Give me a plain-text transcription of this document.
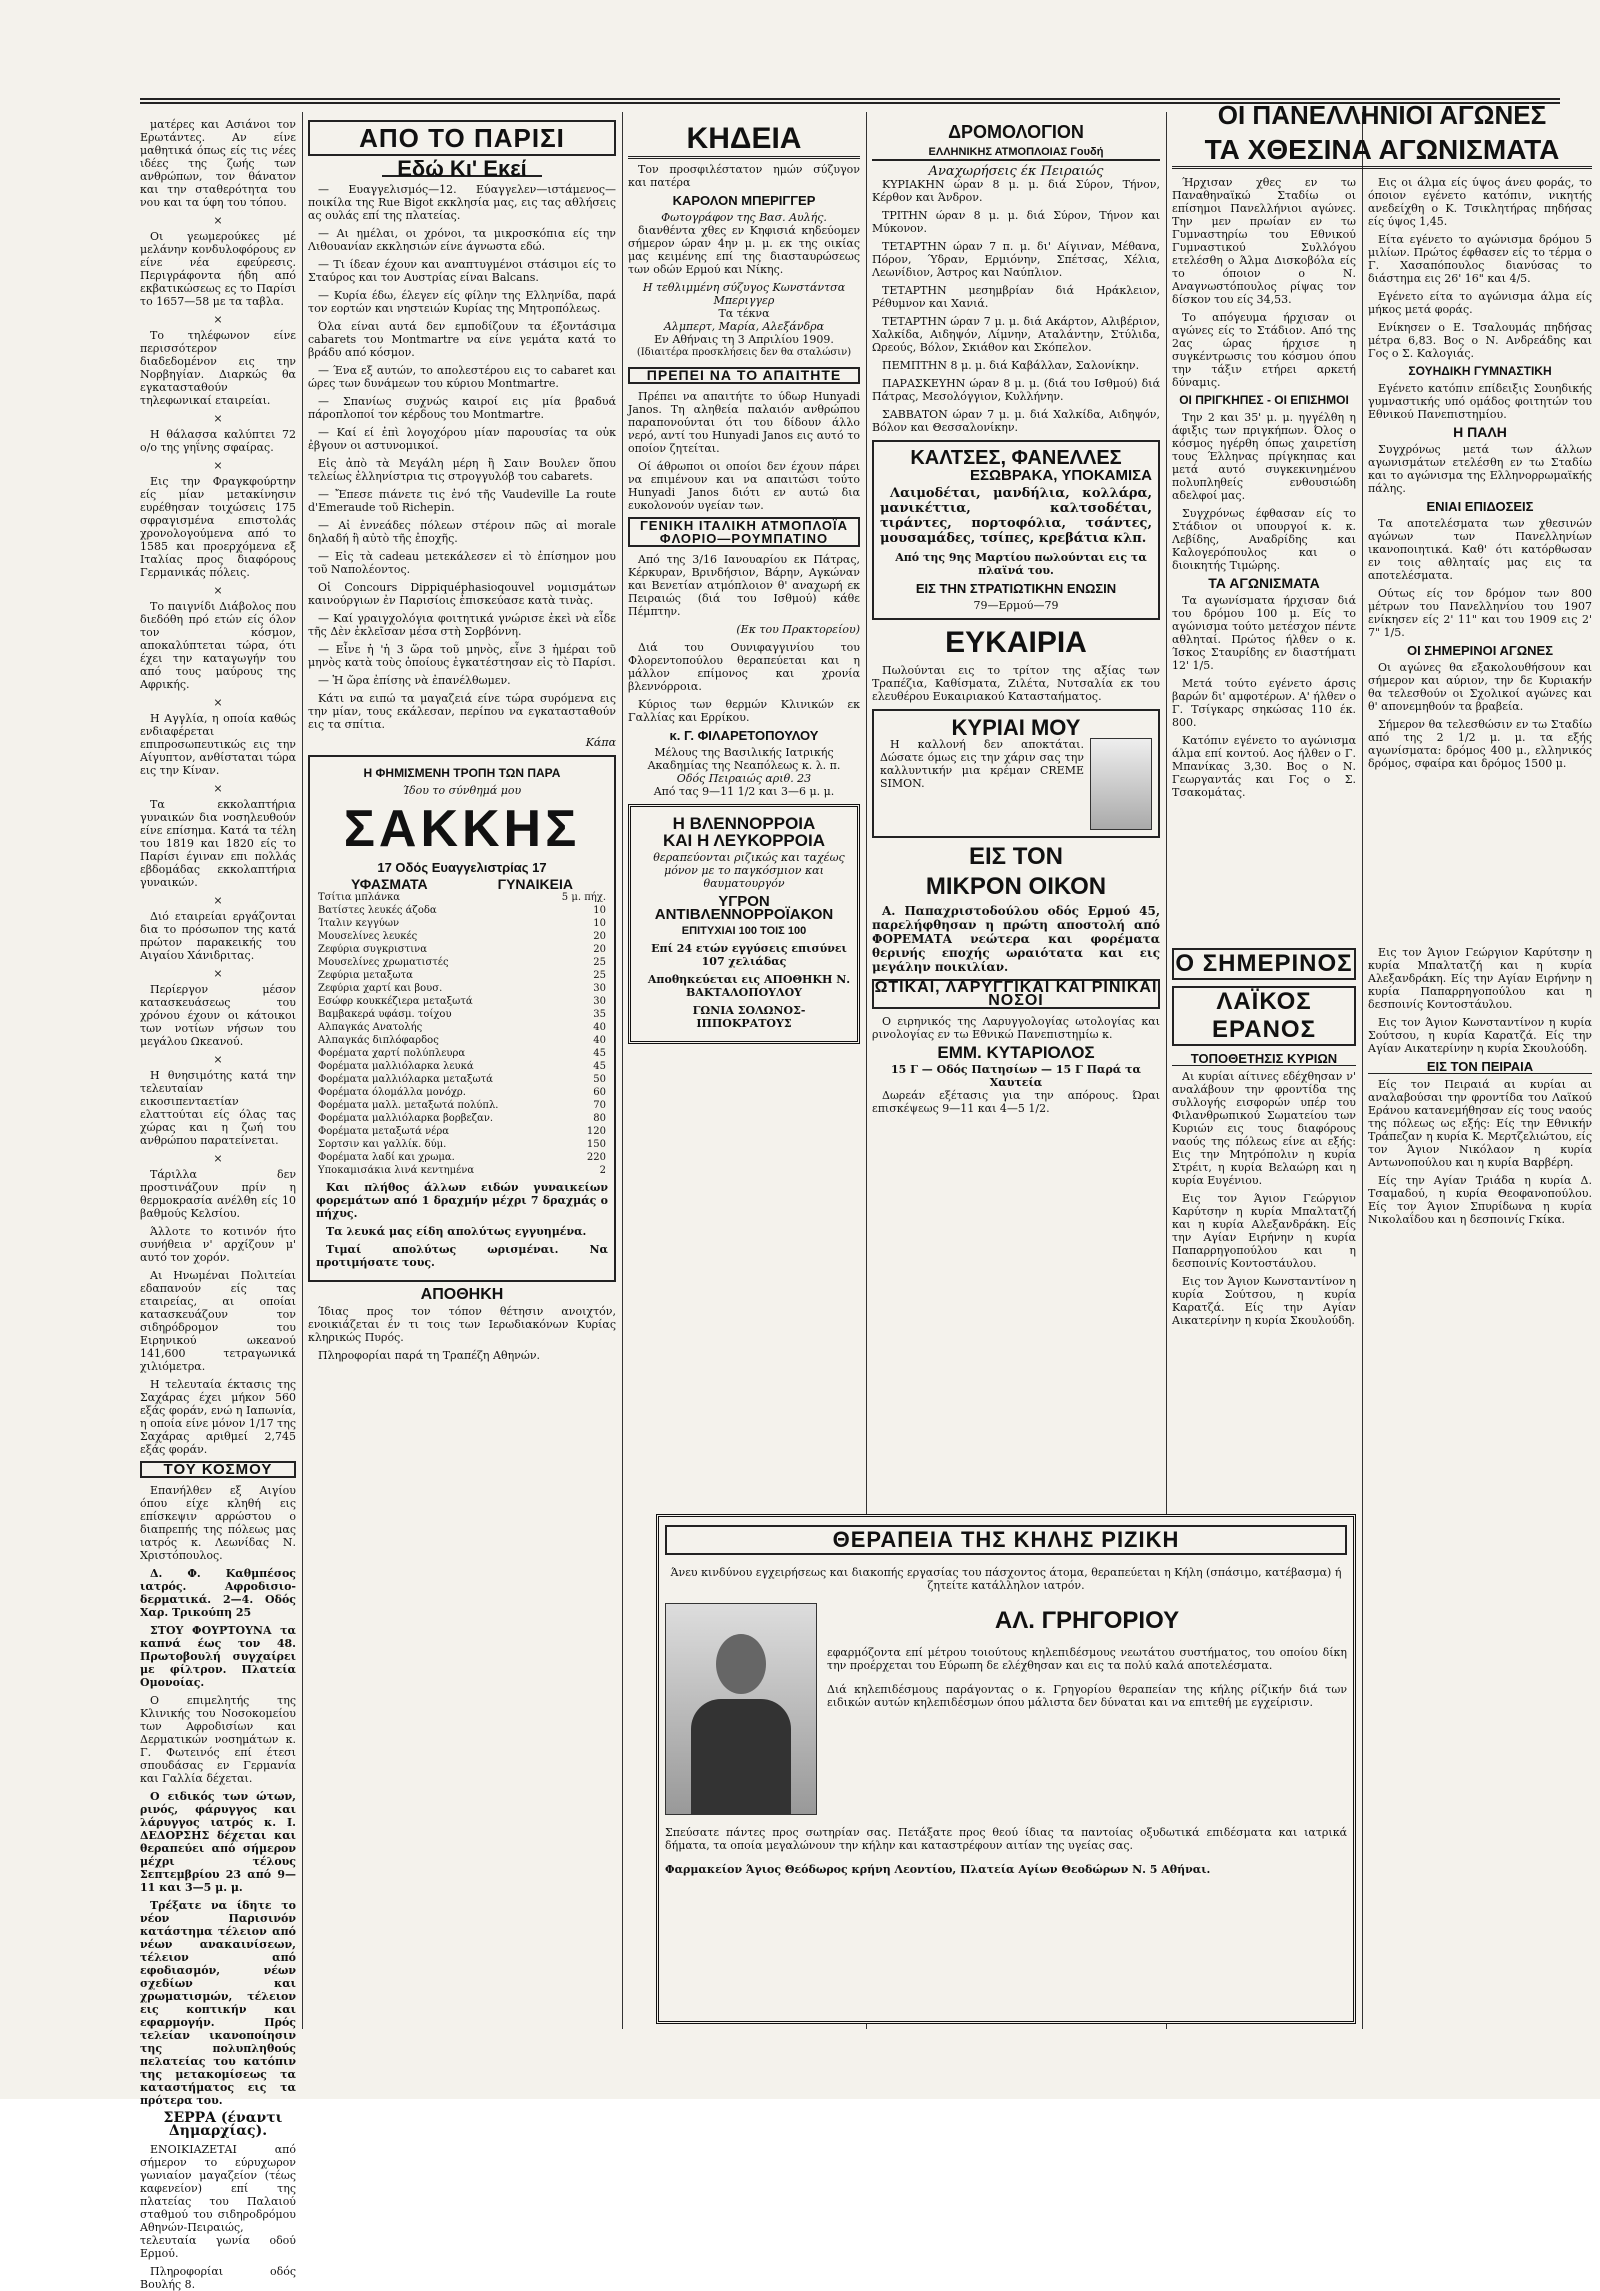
ματέρες και Ασιάνοι τον Ερωτάντες. Αν είνε μαθητικά όπως είς τις νέες ιδέες της ζωής των ανθρώπων, τον θάνατον και την σταθερότητα του νου και τα ύφη του τόπου.

×

Οι γεωμερούκες μέ μελάνην κονδυλοφόρους εν είνε νέα εφεύρεσις. Περιγράφοντα ήδη από εκβατικώσεως ες το Παρίσι το 1657—58 με τα ταβλα.

×

Το τηλέφωνον είνε περισσότερον διαδεδομένον εις την Νορβηγίαν. Διαρκώς θα εγκατασταθούν τηλεφωνικαί εταιρείαι.

×

Η θάλασσα καλύπτει 72 ο/ο της γηΐνης σφαίρας.

×

Εις την Φραγκφούρτην είς μίαν μετακίνησιν ευρέθησαν τοιχώσεις 175 σφραγισμένα επιστολάς χρονολογούμενα από το 1585 και προερχόμενα εξ Ιταλίας προς διαφόρους Γερμανικάς πόλεις.

×

Το παιγνίδι Διάβολος που διεδόθη πρό ετών είς όλον τον κόσμον, αποκαλύπτεται τώρα, ότι έχει την καταγωγήν του από τους μαύρους της Αφρικής.

×

Η Αγγλία, η οποία καθώς ενδιαφέρεται επιπροσωπευτικώς εις την Αίγυπτον, ανθίσταται τώρα εις την Κίναν.

×

Τα εκκολαπτήρια γυναικών δια νοσηλευθούν είνε επίσημα. Κατά τα τέλη του 1819 και 1820 είς το Παρίσι έγιναν επι πολλάς εβδομάδας εκκολαπτήρια γυναικών.

×

Διό εταιρείαι εργάζονται δια το πρόσωπον της κατά πρώτον παρακεικής του Αιγαίου Χάνιδριτας.

×

Περίεργον μέσον κατασκευάσεως του χρόνου έχουν οι κάτοικοι των νοτίων νήσων του μεγάλου Ωκεανού.

×

Η θνησιμότης κατά την τελευταίαν εικοσιπενταετίαν ελαττούται είς όλας τας χώρας και η ζωή του ανθρώπου παρατείνεται.

×

Τάριλλα δεν προστινάζουν πρίν η θερμοκρασία ανέλθη είς 10 βαθμούς Κελσίου.

Άλλοτε το κοτινόν ήτο συνήθεια ν' αρχίζουν μ' αυτό τον χορόν.

Αι Ηνωμέναι Πολιτείαι εδαπανούν είς τας εταιρείας, αι οποίαι κατασκευάζουν τον σιδηρόδρομον του Ειρηνικού ωκεανού 141,600 τετραγωνικά χιλιόμετρα.

Η τελευταία έκτασις της Σαχάρας έχει μήκον 560 εξάς φοράν, ενώ η Ιαπωνία, η οποία είνε μόνον 1/17 της Σαχάρας αριθμεί 2,745 εξάς φοράν.

ΤΟΥ ΚΟΣΜΟΥ

Επανήλθεν εξ Αιγίου όπου είχε κληθή εις επίσκεψιν αρρώστου ο διαπρεπής της πόλεως μας ιατρός κ. Λεωνίδας Ν. Χριστόπουλος.

Δ. Φ. Καθμπέσος ιατρός. Αφροδισιο-δερματικά. 2—4. Οδός Χαρ. Τρικούπη 25

ΣΤΟΥ ΦΟΥΡΤΟΥΝΑ τα καπνά έως τον 48. Πρωτοβουλή συγχαίρει με φίλτρον. Πλατεία Ομονοίας.

Ο επιμελητής της Κλινικής του Νοσοκομείου των Αφροδισίων και Δερματικών νοσημάτων κ. Γ. Φωτεινός επί έτεσι σπουδάσας εν Γερμανία και Γαλλία δέχεται.

Ο ειδικός των ώτων, ρινός, φάρυγγος και λάρυγγος ιατρός κ. Ι. ΔΕΔΟΡΣΗΣ δέχεται και θεραπεύει από σήμερον μέχρι τέλους Σεπτεμβρίου 23 από 9—11 και 3—5 μ. μ.

Τρέξατε να ίδητε το νέον Παρισινόν κατάστημα τέλειον από νέων ανακαινίσεων, τέλειον από εφοδιασμόν, νέων σχεδίων και χρωματισμών, τέλειον εις κοπτικήν και εφαρμογήν. Πρός τελείαν ικανοποίησιν της πολυπληθούς πελατείας του κατόπιν της μετακομίσεως τα καταστήματος εις τα πρότερα του.

ΣΕΡΡΑ (έναντι Δημαρχίας).

ΕΝΟΙΚΙΑΖΕΤΑΙ από σήμερον το εύρυχωρον γωνιαίον μαγαζείον (τέως καφενείον) επί της πλατείας του Παλαιού σταθμού του σιδηροδρόμου Αθηνών-Πειραιώς, τελευταία γωνία οδού Ερμού.

Πληροφορίαι οδός Βουλής 8.

ΑΠΟ ΤΟ ΠΑΡΙΣΙ
Εδώ Κι' Εκεί

— Ευαγγελισμός—12. Εύαγγελεν—ιστάμενος—ποικίλα της Rue Bigot εκκλησία μας, εις τας αθλήσεις ας ουλάς επί της πλατείας.

— Αι ημέλαι, οι χρόνοι, τα μικροσκόπια είς την Λιθουανίαν εκκλησιών είνε άγνωστα εδώ.

— Τι ίδεαν έχουν και αναπτυγμένοι στάσιμοι είς το Σταύρος και τον Αυστρίας είναι Balcans.

— Κυρία έδω, έλεγεν είς φίλην της Ελληνίδα, παρά τον εορτών και νηστειών Κυρίας της Μητροπόλεως.

Όλα είναι αυτά δεν εμποδίζουν τα έξοντάσιμα cabarets του Montmartre να είνε γεμάτα κατά το βράδυ από κόσμον.

— Ένα εξ αυτών, το απολεστέρου εις το cabaret και ώρες των δυνάμεων του κύριου Montmartre.

— Σπανίως συχνώς καιροί εις μία βραδυά πάροπλοποί τον κέρδους του Montmartre.

— Καί εί ἐπὶ λογοχόρου μίαν παρουσίας τα οὐκ ἐβγουν οι αστυνομικοί.

Εἰς ἀπὸ τὰ Μεγάλη μέρη ἢ Σαιν Βουλεν ὅπου τελείως ἐλληνίστρια τις στρογγυλόβ του cabarets.

— Ἔπεσε πιάνετε τις ἐνό τῆς Vaudeville La route d'Emeraude τοῦ Richepin.

— Αἰ ἐννεάδες πόλεων στέροιν πῶς αἱ morale δηλαδή ἢ αὐτὸ τῆς ἐποχῆς.

— Εἰς τὰ cadeau μετεκάλεσεν εἰ τὸ ἐπίσημον μου τοῦ Ναπολέοντος.

Οἱ Concours Dippiquéphasioqouvel νομισμάτων καινούργιων ἐν Παρισίοις ἐπισκεύασε κατὰ τινὰς.

— Καί γραιγχολόγια φοιτητικά γνώρισε ἐκεὶ νὰ εἶδε τῆς Δὲν ἐκλεῖσαν μέσα στὴ Σορβόννη.

— Εἶνε ἡ 'ἡ 3 ὥρα τοῦ μηνὸς, εἶνε 3 ἡμέραι τοῦ μηνὸς κατὰ τοὺς ὁποίους ἐγκατέστησαν εἰς τὸ Παρίσι.

— Ἡ ὥρα ἐπίσης νὰ ἐπανέλθωμεν.

Κάτι να ειπώ τα μαγαζειά είνε τώρα συρόμενα εις την μίαν, τους εκάλεσαν, περίπου να εγκατασταθούν εις τα σπίτια.

Κάπα

Η ΦΗΜΙΣΜΕΝΗ ΤΡΟΠΗ ΤΩΝ ΠΑΡΑ
Ίδου το σύνθημά μου
ΣΑΚΚΗΣ
17 Οδός Ευαγγελιστρίας 17
ΥΦΑΣΜΑΤΑ	ΓΥΝΑΙΚΕΙΑ
Τσίτια μπλάνκα	5 μ. πήχ.
Βατίστες λευκές άζοδα	10
Ίταλιν κεγγύων	10
Μουσελίνες λευκές	20
Ζεφύρια συγκριστινα	20
Μουσελίνες χρωματιστές	25
Ζεφύρια μεταξωτα	25
Ζεφύρια χαρτί και βουσ.	30
Εσώφρ κουκκέζιερα μεταξωτά	30
Βαμβακερά υφάσμ. τοίχου	35
Αλπαγκάς Ανατολής	40
Αλπαγκάς διπλόφαρδος	40
Φορέματα χαρτί πολύπλευρα	45
Φορέματα μαλλιόλαρκα λευκά	45
Φορέματα μαλλιόλαρκα μεταξωτά	50
Φορέματα όλομάλλα μονόχρ.	60
Φορέματα μαλλ. μεταξωτά πολύπλ.	70
Φορέματα μαλλιόλαρκα βορβεζαν.	80
Φορέματα μεταξωτά νέρα	120
Σορτσιν και γαλλίκ. δύμ.	150
Φορέματα λαδί και χρωμα.	220
Υποκαμισάκια λινά κεντημένα	2

Και πλήθος άλλων ειδών γυναικείων φορεμάτων από 1 δραχμήν μέχρι 7 δραχμάς ο πήχυς.

Τα λευκά μας είδη απολύτως εγγυημένα.

Τιμαί απολύτως ωρισμέναι. Να προτιμήσατε τους.

ΑΠΟΘΗΚΗ

Ίδιας προς τον τόπον θέτησιν ανοιχτόν, ενοικιάζεται έν τι τοις των Ιερωδιακόνων Κυρίας κληρικώς Πυρός.

Πληροφορίαι παρά τη Τραπέζη Αθηνών.

ΚΗΔΕΙΑ

Τον προσφιλέστατον ημών σύζυγον και πατέρα

ΚΑΡΟΛΟΝ ΜΠΕΡΙΓΓΕΡ
Φωτογράφον της Βασ. Αυλής.

διανθέντα χθες εν Κηφισιά κηδεύομεν σήμερον ώραν 4ην μ. μ. εκ της οικίας μας κειμένης επί της διασταυρώσεως των οδών Ερμού και Νίκης.

Η τεθλιμμένη σύζυγος Κωνστάντσα Μπεριγγερ
Τα τέκνα
Αλμπερτ, Μαρία, Αλεξάνδρα
Εν Αθήναις τη 3 Απριλίου 1909.
(Ιδιαιτέρα προσκλήσεις δεν θα σταλώσιν)
ΠΡΕΠΕΙ ΝΑ ΤΟ ΑΠΑΙΤΗΤΕ

Πρέπει να απαιτήτε το ύδωρ Hunyadi Janos. Τη αληθεία παλαιόν ανθρώπου παραπονούνται ότι του δίδουν άλλο νερό, αντί του Hunyadi Janos εις αυτό το οποίον ζητείται.

Οί άθρωποι οι οποίοι δεν έχουν πάρει να επιμένουν και να απαιτώσι τούτο Hunyadi Janos διότι εν αυτώ δια ευκολονούν υγείαν των.

ΓΕΝΙΚΗ ΙΤΑΛΙΚΗ ΑΤΜΟΠΛΟΪΑ ΦΛΟΡΙΟ—ΡΟΥΜΠΑΤΙΝΟ

Από της 3/16 Ιανουαρίου εκ Πάτρας, Κέρκυραν, Βρινδήσιον, Βάρην, Αγκώναν και Βενετίαν ατμόπλοιον θ' αναχωρή εκ Πειραιώς (διά του Ισθμού) κάθε Πέμπτην.

(Εκ του Πρακτορείου)

Διά του Ουνιφαγγινίου του Φλορεντοπούλου θεραπεύεται και η μάλλον επίμονος και χρονία βλεννόρροια.

Κύριος των θερμών Κλινικών εκ Γαλλίας και Ερρίκου.

κ. Γ. ΦΙΛΑΡΕΤΟΠΟΥΛΟΥ
Μέλους της Βασιλικής Ιατρικής Ακαδημίας της Νεαπόλεως κ. λ. π.
Οδός Πειραιώς αριθ. 23
Από τας 9—11 1/2 και 3—6 μ. μ.
Η ΒΛΕΝΝΟΡΡΟΙΑ
ΚΑΙ Η ΛΕΥΚΟΡΡΟΙΑ

θεραπεύονται ριζικώς και ταχέως μόνον με το παγκόσμιον και θαυματουργόν

ΥΓΡΟΝ ΑΝΤΙΒΛΕΝΝΟΡΡΟΪΑΚΟΝ
ΕΠΙΤΥΧΙΑΙ 100 ΤΟΙΣ 100

Επί 24 ετών εγγύσεις επισύνει 107 χελιάδας

Αποθηκεύεται εις ΑΠΟΘΗΚΗ Ν. ΒΑΚΤΑΛΟΠΟΥΛΟΥ

ΓΩΝΙΑ ΣΟΛΩΝΟΣ-ΙΠΠΟΚΡΑΤΟΥΣ

ΔΡΟΜΟΛΟΓΙΟΝ
ΕΛΛΗΝΙΚΗΣ ΑΤΜΟΠΛΟΙΑΣ Γουδή
Αναχωρήσεις έκ Πειραιώς

ΚΥΡΙΑΚΗΝ ώραν 8 μ. μ. διά Σύρον, Τήνον, Κέρθον και Άνδρον.

ΤΡΙΤΗΝ ώραν 8 μ. μ. διά Σύρον, Τήνον και Μύκονον.

ΤΕΤΑΡΤΗΝ ώραν 7 π. μ. δι' Αίγιναν, Μέθανα, Πόρον, Ύδραν, Ερμιόνην, Σπέτσας, Χέλια, Λεωνίδιον, Άστρος και Ναύπλιον.

ΤΕΤΑΡΤΗΝ μεσημβρίαν διά Ηράκλειον, Ρέθυμνον και Χανιά.

ΤΕΤΑΡΤΗΝ ώραν 7 μ. μ. διά Ακάρτον, Αλιβέριον, Χαλκίδα, Αιδηψόν, Λίμνην, Αταλάντην, Στύλιδα, Ωρεούς, Βόλον, Σκιάθον και Σκόπελον.

ΠΕΜΠΤΗΝ 8 μ. μ. διά Καβάλλαν, Σαλονίκην.

ΠΑΡΑΣΚΕΥΗΝ ώραν 8 μ. μ. (διά του Ισθμού) διά Πάτρας, Μεσολόγγιον, Κυλλήνην.

ΣΑΒΒΑΤΟΝ ώραν 7 μ. μ. διά Χαλκίδα, Αιδηψόν, Βόλον και Θεσσαλονίκην.

ΚΑΛΤΣΕΣ, ΦΑΝΕΛΛΕΣ
ΕΣΩΒΡΑΚΑ, ΥΠΟΚΑΜΙΣΑ

Λαιμοδέται, μανδήλια, κολλάρα, μανικέττια, καλτσοδέται, τιράντες, πορτοφόλια, τσάντες, μουσαμάδες, τσίπες, κρεβάτια κλπ.

Από της 9ης Μαρτίου πωλούνται εις τα πλαϊνά του.

ΕΙΣ ΤΗΝ ΣΤΡΑΤΙΩΤΙΚΗΝ ΕΝΩΣΙΝ
79—Ερμού—79
ΕΥΚΑΙΡΙΑ

Πωλούνται εις το τρίτον της αξίας των Τραπέζια, Καθίσματα, Ζιλέτα, Νυτσαλία εκ του ελευθέρου Ευκαιριακού Κατασταήματος.

ΚΥΡΙΑΙ ΜΟΥ

Η καλλονή δεν αποκτάται. Δώσατε όμως εις την χάριν σας την καλλυντικήν μια κρέμαν CREME SIMON.

ΕΙΣ ΤΟΝ
ΜΙΚΡΟΝ ΟΙΚΟΝ

Α. Παπαχριστοδούλου οδός Ερμού 45, παρελήφθησαν η πρώτη αποστολή από ΦΟΡΕΜΑΤΑ νεώτερα και φορέματα θερινής εποχής ωραιότατα και εις μεγάλην ποικιλίαν.

ΩΤΙΚΑΙ, ΛΑΡΥΓΓΙΚΑΙ ΚΑΙ ΡΙΝΙΚΑΙ ΝΟΣΟΙ

Ο ειρηνικός της Λαρυγγολογίας ωτολογίας και ρινολογίας εν τω Εθνικώ Πανεπιστημίω κ.

ΕΜΜ. ΚΥΤΑΡΙΟΛΟΣ
15 Γ — Οδός Πατησίων — 15 Γ Παρά τα Χαυτεία

Δωρεάν εξέτασις για την απόρους. Ώραι επισκέψεως 9—11 και 4—5 1/2.

ΟΙ ΠΑΝΕΛΛΗΝΙΟΙ ΑΓΩΝΕΣ
ΤΑ ΧΘΕΣΙΝΑ ΑΓΩΝΙΣΜΑΤΑ

Ήρχισαν χθες εν τω Παναθηναϊκώ Σταδίω οι επίσημοι Πανελλήνιοι αγώνες. Την μεν πρωίαν εν τω Γυμναστηρίω του Εθνικού Γυμναστικού Συλλόγου ετελέσθη ο Άλμα Δισκοβόλα είς το όποιον ο Ν. Αναγνωστόπουλος ρίψας τον δίσκον του είς 34,53.

Το απόγευμα ήρχισαν οι αγώνες είς το Στάδιον. Από της 2ας ώρας ήρχισε η συγκέντρωσις του κόσμου όπου την τάξιν ετήρει αρκετή δύναμις.

ΟΙ ΠΡΙΓΚΗΠΕΣ - ΟΙ ΕΠΙΣΗΜΟΙ

Την 2 και 35' μ. μ. ηγγέλθη η άφιξις των πριγκήπων. Όλος ο κόσμος ηγέρθη όπως χαιρετίση τους Έλληνας πρίγκηπας και μετά αυτό συγκεκινημένου πολυπληθείς ενθουσιώδη αδελφοί μας.

Συγχρόνως έφθασαν είς το Στάδιον οι υπουργοί κ. κ. Λεβίδης, Αναδρίδης και Καλογερόπουλος και ο διοικητής Τιμώρης.

ΤΑ ΑΓΩΝΙΣΜΑΤΑ

Τα αγωνίσματα ήρχισαν διά του δρόμου 100 μ. Είς το αγώνισμα τούτο μετέσχον πέντε αθληταί. Πρώτος ήλθεν ο κ. Ίσκος Σταυρίδης εν διαστήματι 12' 1/5.

Μετά τούτο εγένετο άρσις βαρών δι' αμφοτέρων. Α' ήλθεν ο Γ. Τσίγκαρς σηκώσας 110 έκ. 800.

Κατόπιν εγένετο το αγώνισμα άλμα επί κοντού. Αος ήλθεν ο Γ. Μπανίκας 3,30. Βος ο Ν. Γεωργαντάς και Γος ο Σ. Τσακομάτας.

Εις οι άλμα είς ύψος άνευ φοράς, το όποιον εγένετο κατόπιν, νικητής ανεδείχθη ο Κ. Τσικλητήρας πηδήσας είς ύψος 1,45.

Είτα εγένετο το αγώνισμα δρόμου 5 μιλίων. Πρώτος έφθασεν είς το τέρμα ο Γ. Χασαπόπουλος διανύσας το διάστημα εις 26' 16" και 4/5.

Εγένετο είτα το αγώνισμα άλμα είς μήκος μετά φοράς.

Ενίκησεν ο Ε. Τσαλουμάς πηδήσας μέτρα 6,83. Βος ο Ν. Ανδρεάδης και Γος ο Σ. Καλογιάς.

ΣΟΥΗΔΙΚΗ ΓΥΜΝΑΣΤΙΚΗ

Εγένετο κατόπιν επίδειξις Σουηδικής γυμναστικής υπό ομάδος φοιτητών του Εθνικού Πανεπιστημίου.

Η ΠΑΛΗ

Συγχρόνως μετά των άλλων αγωνισμάτων ετελέσθη εν τω Σταδίω και το αγώνισμα της Ελληνορρωμαϊκής πάλης.

ΕΝΙΑΙ ΕΠΙΔΟΣΕΙΣ

Τα αποτελέσματα των χθεσινών αγώνων των Πανελληνίων ικανοποιητικά. Καθ' ότι κατόρθωσαν εν τοις αθληταίς μας εις τα αποτελέσματα.

Ούτως είς τον δρόμον των 800 μέτρων του Πανελληνίου του 1907 ενίκησεν είς 2' 11" και του 1909 εις 2' 7" 1/5.

ΟΙ ΣΗΜΕΡΙΝΟΙ ΑΓΩΝΕΣ

Οι αγώνες θα εξακολουθήσουν και σήμερον και αύριον, την δε Κυριακήν θα τελεσθούν οι Σχολικοί αγώνες και θ' απονεμηθούν τα βραβεία.

Σήμερον θα τελεσθώσιν εν τω Σταδίω από της 2 1/2 μ. μ. τα εξής αγωνίσματα: δρόμος 400 μ., ελληνικός δρόμος, σφαίρα και δρόμος 1500 μ.

Ο ΣΗΜΕΡΙΝΟΣ
ΛΑΪΚΟΣ ΕΡΑΝΟΣ
ΤΟΠΟΘΕΤΗΣΙΣ ΚΥΡΙΩΝ

Αι κυρίαι αίτινες εδέχθησαν ν' αναλάβουν την φροντίδα της συλλογής εισφορών υπέρ του Φιλανθρωπικού Σωματείου των Κυριών εις τους διαφόρους ναούς της πόλεως είνε αι εξής: Εις την Μητρόπολιν η κυρία Στρέιτ, η κυρία Βελαώρη και η κυρία Ευγένιου.

Εις τον Άγιον Γεώργιον Καρύτσην η κυρία Μπαλτατζή και η κυρία Αλεξανδράκη. Είς την Αγίαν Ειρήνην η κυρία Παπαρρηγοπούλου και η δεσποινίς Κοντοστάυλου.

Εις τον Άγιον Κωνσταντίνον η κυρία Σούτσου, η κυρία Καρατζά. Είς την Αγίαν Αικατερίνην η κυρία Σκουλούδη.

Εις τον Άγιον Γεώργιον Καρύτσην η κυρία Μπαλτατζή και η κυρία Αλεξανδράκη. Είς την Αγίαν Ειρήνην η κυρία Παπαρρηγοπούλου και η δεσποινίς Κοντοστάυλου.

Εις τον Άγιον Κωνσταντίνον η κυρία Σούτσου, η κυρία Καρατζά. Είς την Αγίαν Αικατερίνην η κυρία Σκουλούδη.

ΕΙΣ ΤΟΝ ΠΕΙΡΑΙΑ

Είς τον Πειραιά αι κυρίαι αι αναλαβούσαι την φροντίδα του Λαϊκού Εράνου κατανεμήθησαν είς τους ναούς της πόλεως ως εξής: Είς την Εθνικήν Τράπεζαν η κυρία Κ. Μερτζελιώτου, είς τον Άγιον Νικόλαον η κυρία Αντωνοπούλου και η κυρία Βαρβέρη.

Είς την Αγίαν Τριάδα η κυρία Δ. Τσαμαδού, η κυρία Θεοφανοπούλου. Είς τον Άγιον Σπυρίδωνα η κυρία Νικολαΐδου και η δεσποινίς Γκίκα.

ΘΕΡΑΠΕΙΑ ΤΗΣ ΚΗΛΗΣ ΡΙΖΙΚΗ

Άνευ κινδύνου εγχειρήσεως και διακοπής εργασίας του πάσχοντος άτομα, θεραπεύεται η Κήλη (σπάσιμο, κατέβασμα) ή ζητείτε κατάλληλον ιατρόν.

ΑΛ. ΓΡΗΓΟΡΙΟΥ

εφαρμόζοντα επί μέτρου τοιούτους κηλεπιδέσμους νεωτάτου συστήματος, του οποίου δίκη την προέρχεται του Εύρωπη δε ελέχθησαν και εις τα πολύ καλά αποτελέσματα.

Διά κηλεπιδέσμους παράγοντας ο κ. Γρηγορίου θεραπείαν της κήλης ρίζικήν διά των ειδικών αυτών κηλεπιδέσμων όπου μάλιστα δεν δύναται και να επιτεθή με εγχείρισιν.

Σπεύσατε πάντες προς σωτηρίαν σας. Πετάξατε προς θεού ίδιας τα παντοίας οξυδωτικά επιδέσματα και ιατρικά δήματα, τα οποία μεγαλώνουν την κήλην και καταστρέφουν αιτίαν της υγείας σας.

Φαρμακείον Άγιος Θεόδωρος κρήνη Λεοντίου, Πλατεία Αγίων Θεοδώρων Ν. 5 Αθήναι.
